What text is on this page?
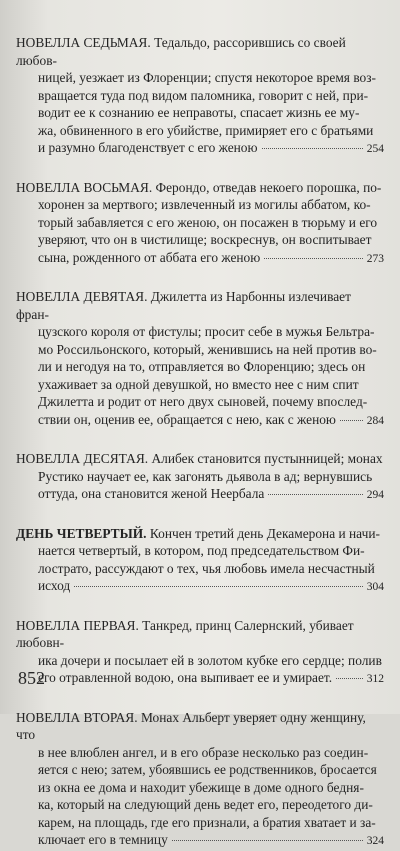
НОВЕЛЛА СЕДЬМАЯ. Тедальдо, рассорившись со своей любов-
ницей, уезжает из Флоренции; спустя некоторое время воз-
вращается туда под видом паломника, говорит с ней, при-
водит ее к сознанию ее неправоты, спасает жизнь ее му-
жа, обвиненного в его убийстве, примиряет его с братьями

и разумно благоденствует с его женою	254

НОВЕЛЛА ВОСЬМАЯ. Ферондо, отведав некоего порошка, по-
хоронен за мертвого; извлеченный из могилы аббатом, ко-
торый забавляется с его женою, он посажен в тюрьму и его
уверяют, что он в чистилище; воскреснув, он воспитывает

сына, рожденного от аббата его женою	273

НОВЕЛЛА ДЕВЯТАЯ. Джилетта из Нарбонны излечивает фран-
цузского короля от фистулы; просит себе в мужья Бельтра-
мо Россильонского, который, женившись на ней против во-
ли и негодуя на то, отправляется во Флоренцию; здесь он
ухаживает за одной девушкой, но вместо нее с ним спит
Джилетта и родит от него двух сыновей, почему впослед-

ствии он, оценив ее, обращается с нею, как с женою	284

НОВЕЛЛА ДЕСЯТАЯ. Алибек становится пустынницей; монах
Рустико научает ее, как загонять дьявола в ад; вернувшись

оттуда, она становится женой Неербала	294

ДЕНЬ ЧЕТВЕРТЫЙ. Кончен третий день Декамерона и начи-
нается четвертый, в котором, под председательством Фи-
лострато, рассуждают о тех, чья любовь имела несчастный

исход	304

НОВЕЛЛА ПЕРВАЯ. Танкред, принц Салернский, убивает любовн-
ика дочери и посылает ей в золотом кубке его сердце; полив

его отравленной водою, она выпивает ее и умирает.	312

НОВЕЛЛА ВТОРАЯ. Монах Альберт уверяет одну женщину, что
в нее влюблен ангел, и в его образе несколько раз соедин-
яется с нею; затем, убоявшись ее родственников, бросается
из окна ее дома и находит убежище в доме одного бедня-
ка, который на следующий день ведет его, переодетого ди-
карем, на площадь, где его признали, а братия хватает и за-

ключает его в темницу	324
852
